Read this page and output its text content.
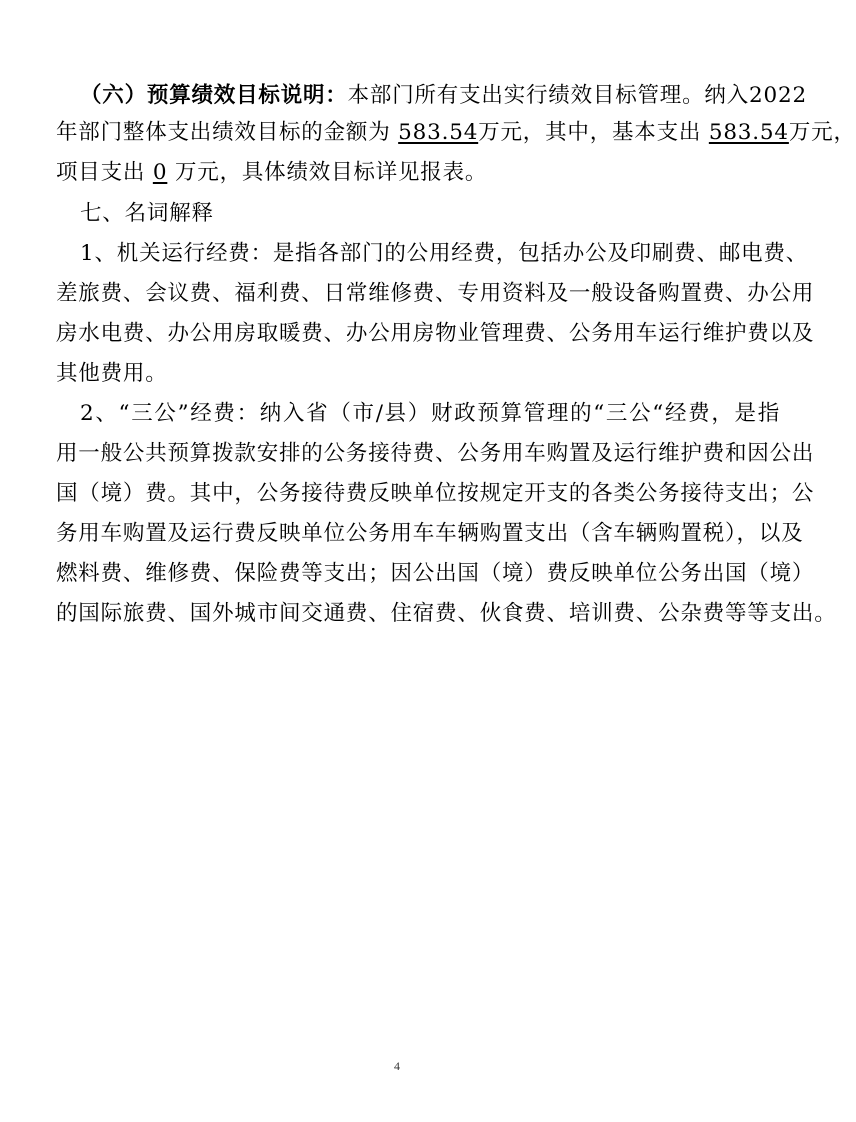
（六）预算绩效目标说明：本部门所有支出实行绩效目标管理。纳入2022
年部门整体支出绩效目标的金额为 583.54万元，其中，基本支出 583.54万元，
项目支出 0 万元，具体绩效目标详见报表。
七、名词解释
1、机关运行经费：是指各部门的公用经费，包括办公及印刷费、邮电费、
差旅费、会议费、福利费、日常维修费、专用资料及一般设备购置费、办公用
房水电费、办公用房取暖费、办公用房物业管理费、公务用车运行维护费以及
其他费用。
2、“三公”经费：纳入省（市/县）财政预算管理的“三公“经费，是指
用一般公共预算拨款安排的公务接待费、公务用车购置及运行维护费和因公出
国（境）费。其中，公务接待费反映单位按规定开支的各类公务接待支出；公
务用车购置及运行费反映单位公务用车车辆购置支出（含车辆购置税），以及
燃料费、维修费、保险费等支出；因公出国（境）费反映单位公务出国（境）
的国际旅费、国外城市间交通费、住宿费、伙食费、培训费、公杂费等等支出。
4
